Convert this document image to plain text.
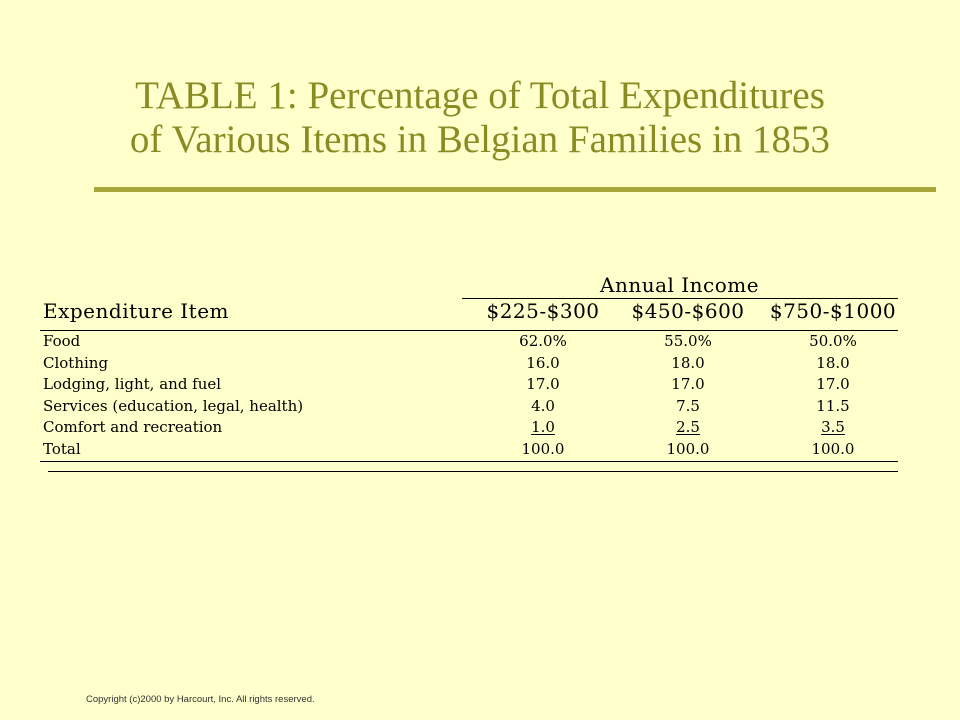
TABLE 1: Percentage of Total Expenditures
of Various Items in Belgian Families in 1853
Annual Income
Expenditure Item	$225-$300	$450-$600	$750-$1000
Food	62.0%	55.0%	50.0%
Clothing	16.0	18.0	18.0
Lodging, light, and fuel	17.0	17.0	17.0
Services (education, legal, health)	4.0	7.5	11.5
Comfort and recreation	1.0	2.5	3.5
Total	100.0	100.0	100.0
Copyright (c)2000 by Harcourt, Inc. All rights reserved.
